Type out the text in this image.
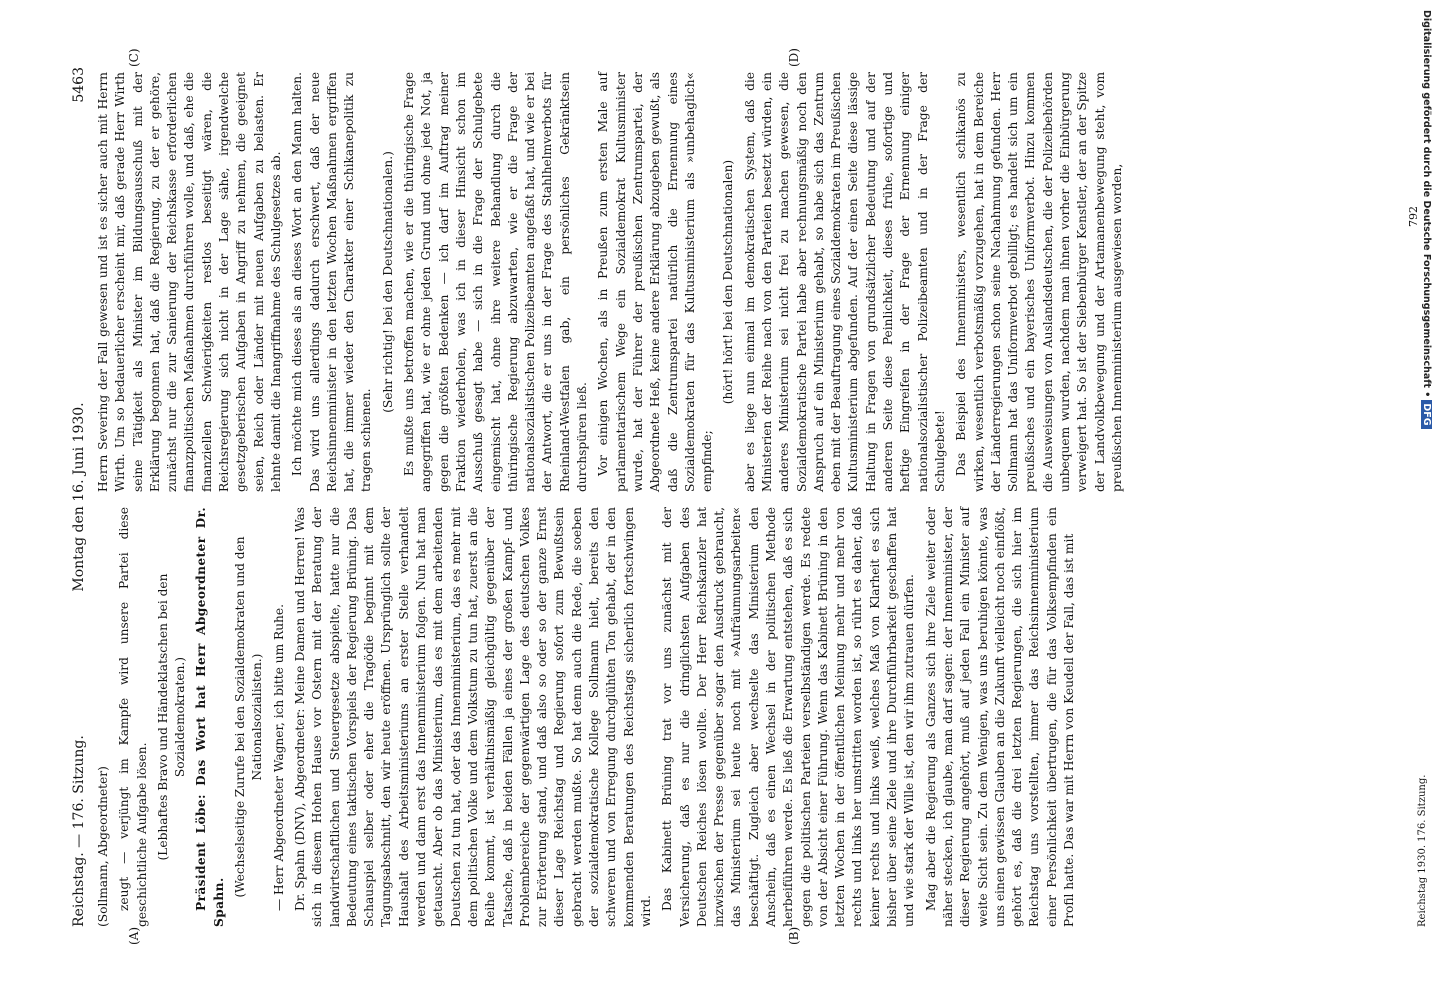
Reichstag. — 176. Sitzung.
Montag den 16. Juni 1930.
5463

(Sollmann, Abgeordneter) zeugt — verjüngt im Kampfe wird unsere Partei diese geschichtliche Aufgabe lösen. (Lebhaftes Bravo und Händeklatschen bei den Sozialdemokraten.) Präsident Löbe: Das Wort hat Herr Abgeordneter Dr. Spahn.

(Wechselseitige Zurufe bei den Sozialdemokraten und den Nationalsozialisten.) — Herr Abgeordneter Wagner, ich bitte um Ruhe. Dr. Spahn (DNV), Abgeordneter: Meine Damen und Herren! Was sich in diesem Hohen Hause vor Ostern mit der Beratung der landwirtschaftlichen und Steuergesetze abspielte, hatte nur die Bedeutung eines taktischen Vorspiels der Regierung Brüning. Das Schauspiel selber oder eher die Tragödie beginnt mit dem Tagungsabschnitt, den wir heute eröffnen. Ursprünglich sollte der Haushalt des Arbeitsministeriums an erster Stelle verhandelt werden und dann erst das Innenministerium folgen. Nun hat man getauscht. Aber ob das Ministerium, das es mit dem arbeitenden Deutschen zu tun hat, oder das Innenministerium, das es mehr mit dem politischen Volke und dem Volkstum zu tun hat, zuerst an die Reihe kommt, ist verhältnismäßig gleichgültig gegenüber der Tatsache, daß in beiden Fällen ja eines der großen Kampf- und Problembereiche der gegenwärtigen Lage des deutschen Volkes zur Erörterung stand, und daß also so oder so der ganze Ernst dieser Lage Reichstag und Regierung sofort zum Bewußtsein gebracht werden mußte. So hat denn auch die Rede, die soeben der sozialdemokratische Kollege Sollmann hielt, bereits den schweren und von Erregung durchglühten Ton gehabt, der in den kommenden Beratungen des Reichstags sicherlich fortschwingen wird.

Das Kabinett Brüning trat vor uns zunächst mit der Versicherung, daß es nur die dringlichsten Aufgaben des Deutschen Reiches lösen wollte. Der Herr Reichskanzler hat inzwischen der Presse gegenüber sogar den Ausdruck gebraucht, das Ministerium sei heute noch mit »Aufräumungsarbeiten« beschäftigt. Zugleich aber wechselte das Ministerium den Anschein, daß es einen Wechsel in der politischen Methode herbeiführen werde. Es ließ die Erwartung entstehen, daß es sich gegen die politischen Parteien verselbständigen werde. Es redete von der Absicht einer Führung. Wenn das Kabinett Brüning in den letzten Wochen in der öffentlichen Meinung mehr und mehr von rechts und links her umstritten worden ist, so rührt es daher, daß keiner rechts und links weiß, welches Maß von Klarheit es sich bisher über seine Ziele und ihre Durchführbarkeit geschaffen hat und wie stark der Wille ist, den wir ihm zutrauen dürfen. Mag aber die Regierung als Ganzes sich ihre Ziele weiter oder näher stecken, ich glaube, man darf sagen: der Innenminister, der dieser Regierung angehört, muß auf jeden Fall ein Minister auf weite Sicht sein. Zu dem Wenigen, was uns beruhigen könnte, was uns einen gewissen Glauben an die Zukunft vielleicht noch einflößt, gehört es, daß die drei letzten Regierungen, die sich hier im Reichstag uns vorstellten, immer das Reichsinnenministerium einer Persönlichkeit übertrugen, die für das Volksempfinden ein Profil hatte. Das war mit Herrn von Keudell der Fall, das ist mit

Herrn Severing der Fall gewesen und ist es sicher auch mit Herrn Wirth. Um so bedauerlicher erscheint mir, daß gerade Herr Wirth seine Tätigkeit als Minister im Bildungsausschuß mit der Erklärung begonnen hat, daß die Regierung, zu der er gehöre, zunächst nur die zur Sanierung der Reichskasse erforderlichen finanzpolitischen Maßnahmen durchführen wolle, und daß, ehe die finanziellen Schwierigkeiten restlos beseitigt wären, die Reichsregierung sich nicht in der Lage sähe, irgendwelche gesetzgeberischen Aufgaben in Angriff zu nehmen, die geeignet seien, Reich oder Länder mit neuen Aufgaben zu belasten. Er lehnte damit die Inangriffnahme des Schulgesetzes ab. Ich möchte mich dieses als an dieses Wort an den Mann halten. Das wird uns allerdings dadurch erschwert, daß der neue Reichsinnenminister in den letzten Wochen Maßnahmen ergriffen hat, die immer wieder den Charakter einer Schikanepolitik zu tragen schienen.

(Sehr richtig! bei den Deutschnationalen.) Es mußte uns betroffen machen, wie er die thüringische Frage angegriffen hat, wie er ohne jeden Grund und ohne jede Not, ja gegen die größten Bedenken — ich darf im Auftrag meiner Fraktion wiederholen, was ich in dieser Hinsicht schon im Ausschuß gesagt habe — sich in die Frage der Schulgebete eingemischt hat, ohne ihre weitere Behandlung durch die thüringische Regierung abzuwarten, wie er die Frage der nationalsozialistischen Polizeibeamten angefaßt hat, und wie er bei der Antwort, die er uns in der Frage des Stahlhelmverbots für Rheinland-Westfalen gab, ein persönliches Gekränktsein durchspüren ließ. Vor einigen Wochen, als in Preußen zum ersten Male auf parlamentarischem Wege ein Sozialdemokrat Kultusminister wurde, hat der Führer der preußischen Zentrumspartei, der Abgeordnete Heß, keine andere Erklärung abzugeben gewußt, als daß die Zentrumspartei natürlich die Ernennung eines Sozialdemokraten für das Kultusministerium als »unbehaglich« empfinde;

(hört! hört! bei den Deutschnationalen) aber es liege nun einmal im demokratischen System, daß die Ministerien der Reihe nach von den Parteien besetzt würden, ein anderes Ministerium sei nicht frei zu machen gewesen, die Sozialdemokratische Partei habe aber rechnungsmäßig noch den Anspruch auf ein Ministerium gehabt, so habe sich das Zentrum eben mit der Beauftragung eines Sozialdemokraten im Preußischen Kultusministerium abgefunden. Auf der einen Seite diese lässige Haltung in Fragen von grundsätzlicher Bedeutung und auf der anderen Seite diese Peinlichkeit, dieses frühe, sofortige und heftige Eingreifen in der Frage der Ernennung einiger nationalsozialistischer Polizeibeamten und in der Frage der Schulgebete! Das Beispiel des Innenministers, wesentlich schikanös zu wirken, wesentlich verbotsmäßig vorzugehen, hat in dem Bereiche der Länderregierungen schon seine Nachahmung gefunden. Herr Sollmann hat das Uniformverbot gebilligt; es handelt sich um ein preußisches und ein bayerisches Uniformverbot. Hinzu kommen die Ausweisungen von Auslandsdeutschen, die der Polizeibehörden unbequem wurden, nachdem man ihnen vorher die Einbürgerung verweigert hat. So ist der Siebenbürger Kenstler, der an der Spitze der Landvolkbewegung und der Artamanenbewegung steht, vom preußischen Innenministerium ausgewiesen worden,

(A)	(B)
(C)	(D)
Reichstag 1930. 176. Sitzung.
792 Digitalisierung gefördert durch die Deutsche Forschungsgemeinschaft •DFG
